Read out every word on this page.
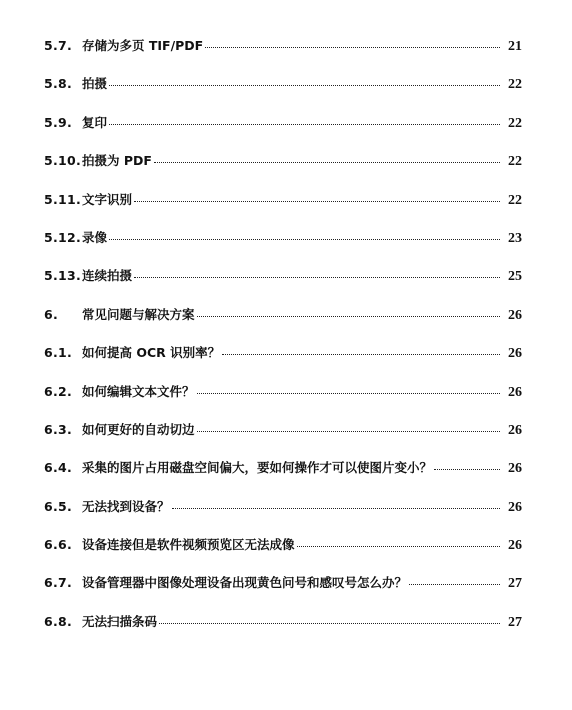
5.7. 存储为多页 TIF/PDF	21
5.8. 拍摄	22
5.9. 复印	22
5.10. 拍摄为 PDF	22
5.11. 文字识别	22
5.12. 录像	23
5.13. 连续拍摄	25
6.	常见问题与解决方案	26
6.1. 如何提高 OCR 识别率？	26
6.2. 如何编辑文本文件？	26
6.3. 如何更好的自动切边	26
6.4. 采集的图片占用磁盘空间偏大，要如何操作才可以使图片变小？	26
6.5. 无法找到设备？	26
6.6. 设备连接但是软件视频预览区无法成像	26
6.7. 设备管理器中图像处理设备出现黄色问号和感叹号怎么办？	27
6.8. 无法扫描条码	27
